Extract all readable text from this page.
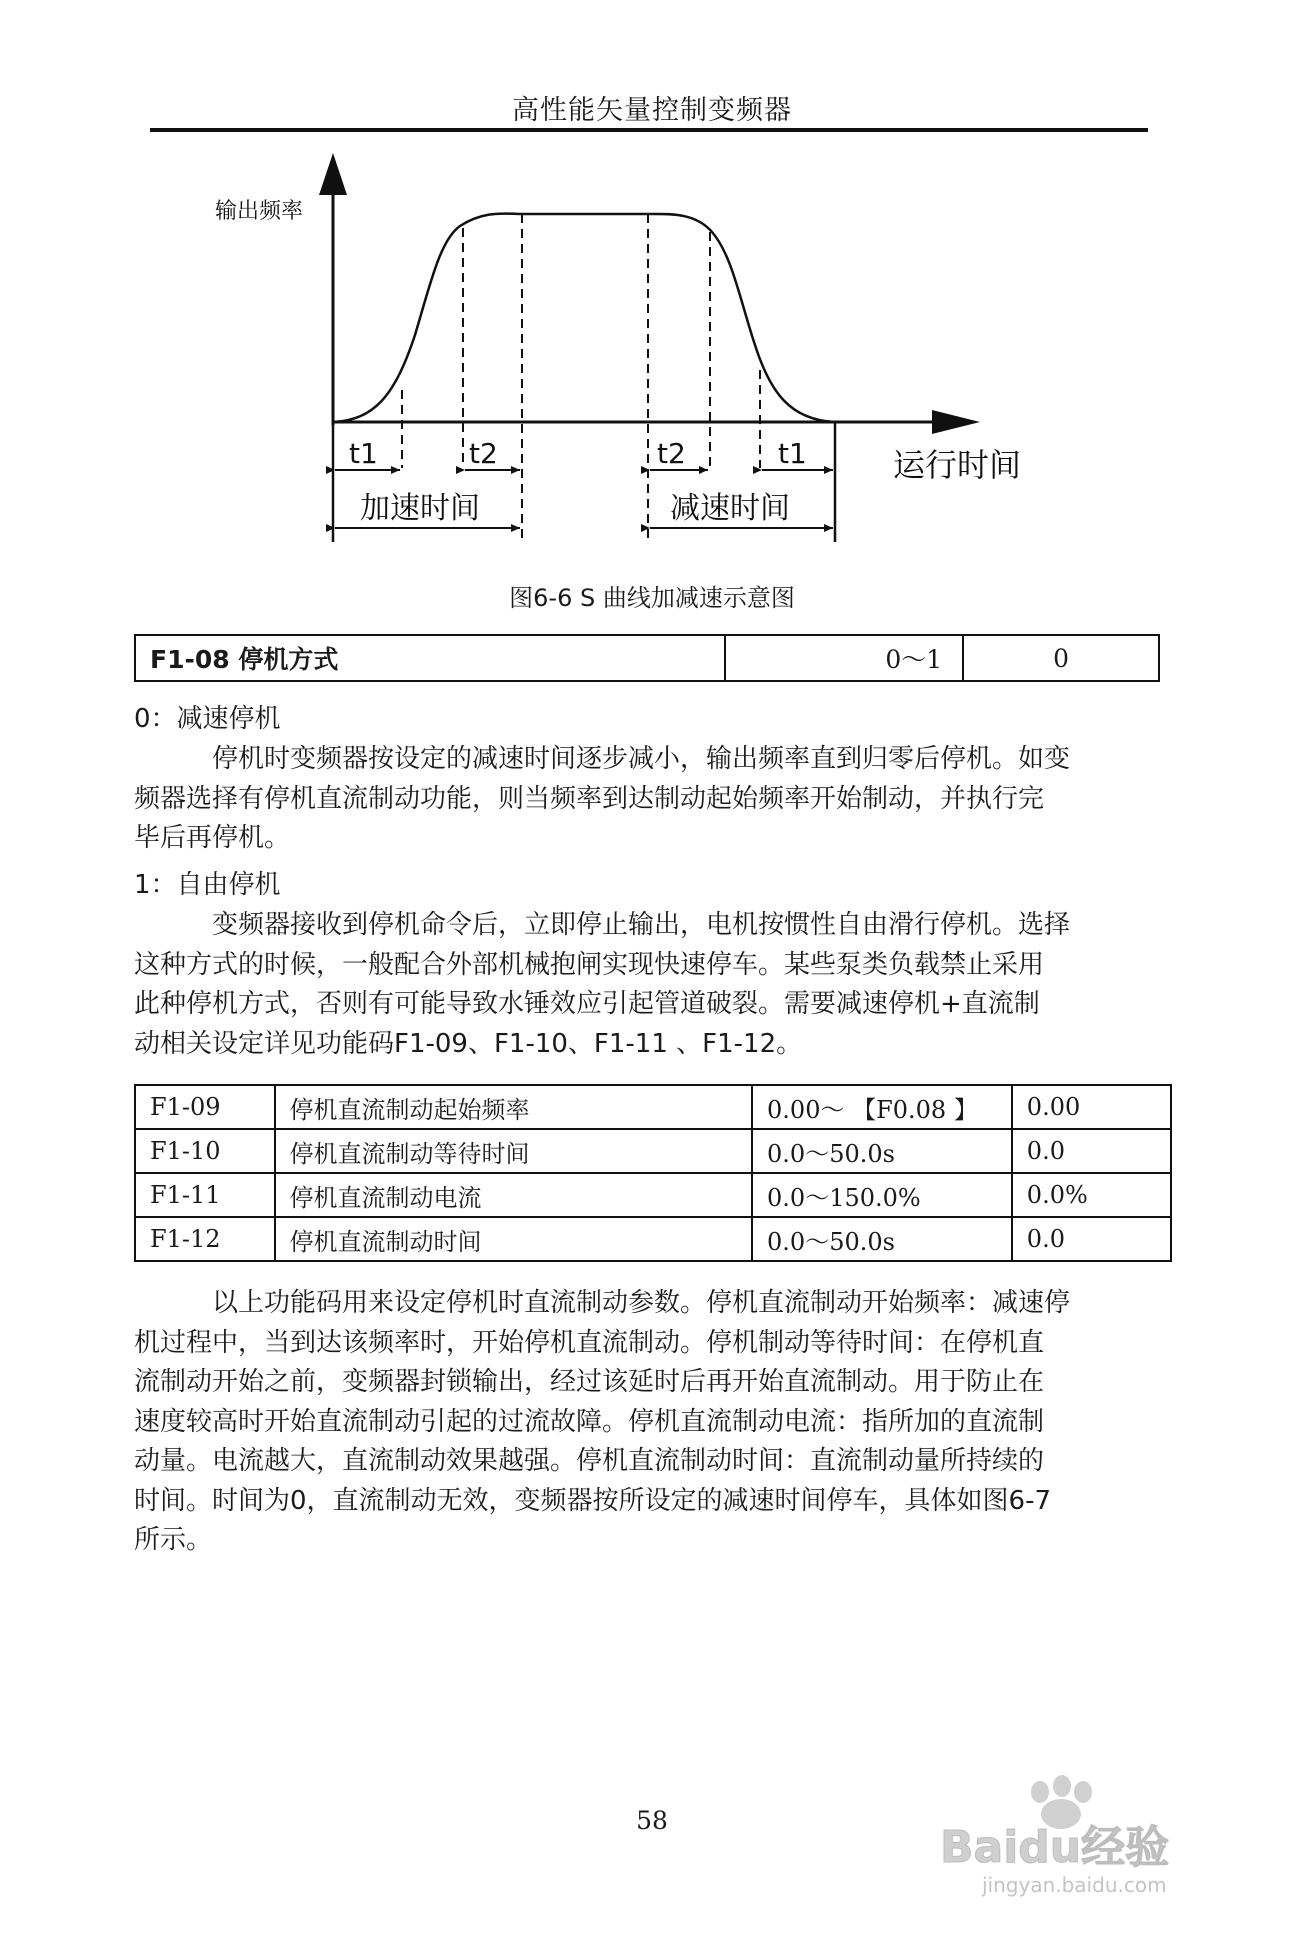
高性能矢量控制变频器
输出频率
运行时间
t1	t2	t2	t1
加速时间	减速时间
图6-6 S 曲线加减速示意图
F1-08 停机方式	0～1	0
0：减速停机
停机时变频器按设定的减速时间逐步减小，输出频率直到归零后停机。如变
频器选择有停机直流制动功能，则当频率到达制动起始频率开始制动，并执行完
毕后再停机。
1：自由停机
变频器接收到停机命令后，立即停止输出，电机按惯性自由滑行停机。选择
这种方式的时候，一般配合外部机械抱闸实现快速停车。某些泵类负载禁止采用
此种停机方式，否则有可能导致水锤效应引起管道破裂。需要减速停机+直流制
动相关设定详见功能码F1-09、F1-10、F1-11 、F1-12。
F1-09	停机直流制动起始频率	0.00～ 【F0.08 】	0.00
F1-10	停机直流制动等待时间	0.0～50.0s	0.0
F1-11	停机直流制动电流	0.0～150.0%	0.0%
F1-12	停机直流制动时间	0.0～50.0s	0.0
以上功能码用来设定停机时直流制动参数。停机直流制动开始频率：减速停
机过程中，当到达该频率时，开始停机直流制动。停机制动等待时间：在停机直
流制动开始之前，变频器封锁输出，经过该延时后再开始直流制动。用于防止在
速度较高时开始直流制动引起的过流故障。停机直流制动电流：指所加的直流制
动量。电流越大，直流制动效果越强。停机直流制动时间：直流制动量所持续的
时间。时间为0，直流制动无效，变频器按所设定的减速时间停车，具体如图6-7
所示。
58
Baidu经验
jingyan.baidu.com
